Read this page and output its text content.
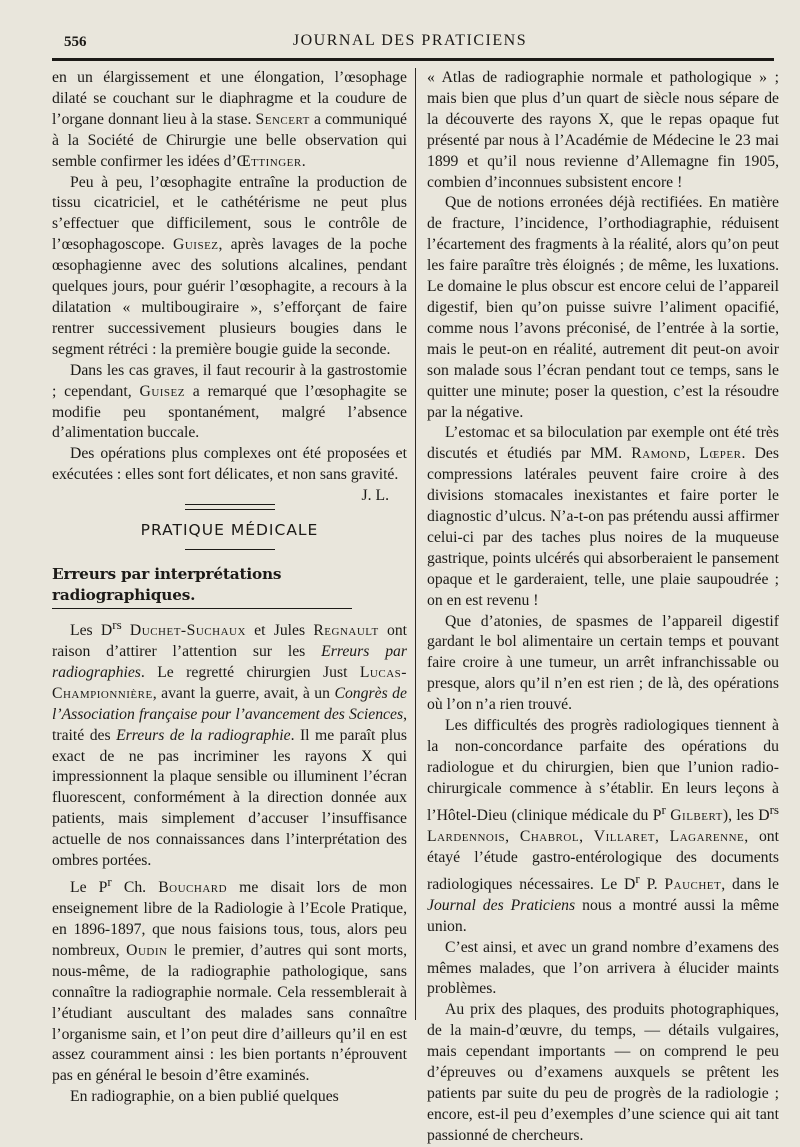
556	JOURNAL DES PRATICIENS

en un élargissement et une élongation, l’œsophage dilaté se couchant sur le diaphragme et la coudure de l’organe donnant lieu à la stase. Sencert a communiqué à la Société de Chirurgie une belle observation qui semble confirmer les idées d’Œttinger.

Peu à peu, l’œsophagite entraîne la production de tissu cicatriciel, et le cathétérisme ne peut plus s’effectuer que difficilement, sous le contrôle de l’œsophagoscope. Guisez, après lavages de la poche œsophagienne avec des solutions alcalines, pendant quelques jours, pour guérir l’œsophagite, a recours à la dilatation « multibougiraire », s’efforçant de faire rentrer successivement plusieurs bougies dans le segment rétréci : la première bougie guide la seconde.

Dans les cas graves, il faut recourir à la gastrostomie ; cependant, Guisez a remarqué que l’œsophagite se modifie peu spontanément, malgré l’absence d’alimentation buccale.

Des opérations plus complexes ont été proposées et exécutées : elles sont fort délicates, et non sans gravité.
J. L.

PRATIQUE MÉDICALE
Erreurs par interprétations radiographiques.

Les $D^{rs}$ Duchet-Suchaux et Jules Regnault ont raison d’attirer l’attention sur les Erreurs par radiographies. Le regretté chirurgien Just Lucas-Championnière, avant la guerre, avait, à un Congrès de l’Association française pour l’avancement des Sciences, traité des Erreurs de la radiographie. Il me paraît plus exact de ne pas incriminer les rayons X qui impressionnent la plaque sensible ou illuminent l’écran fluorescent, conformément à la direction donnée aux patients, mais simplement d’accuser l’insuffisance actuelle de nos connaissances dans l’interprétation des ombres portées.

Le $P^r$ Ch. Bouchard me disait lors de mon enseignement libre de la Radiologie à l’Ecole Pratique, en 1896-1897, que nous faisions tous, tous, alors peu nombreux, Oudin le premier, d’autres qui sont morts, nous-même, de la radiographie pathologique, sans connaître la radiographie normale. Cela ressemblerait à l’étudiant auscultant des malades sans connaître l’organisme sain, et l’on peut dire d’ailleurs qu’il en est assez couramment ainsi : les bien portants n’éprouvent pas en général le besoin d’être examinés.

En radiographie, on a bien publié quelques

« Atlas de radiographie normale et pathologique » ; mais bien que plus d’un quart de siècle nous sépare de la découverte des rayons X, que le repas opaque fut présenté par nous à l’Académie de Médecine le 23 mai 1899 et qu’il nous revienne d’Allemagne fin 1905, combien d’inconnues subsistent encore !

Que de notions erronées déjà rectifiées. En matière de fracture, l’incidence, l’orthodiagraphie, réduisent l’écartement des fragments à la réalité, alors qu’on peut les faire paraître très éloignés ; de même, les luxations. Le domaine le plus obscur est encore celui de l’appareil digestif, bien qu’on puisse suivre l’aliment opacifié, comme nous l’avons préconisé, de l’entrée à la sortie, mais le peut-on en réalité, autrement dit peut-on avoir son malade sous l’écran pendant tout ce temps, sans le quitter une minute; poser la question, c’est la résoudre par la négative.

L’estomac et sa biloculation par exemple ont été très discutés et étudiés par MM. Ramond, Lœper. Des compressions latérales peuvent faire croire à des divisions stomacales inexistantes et faire porter le diagnostic d’ulcus. N’a-t-on pas prétendu aussi affirmer celui-ci par des taches plus noires de la muqueuse gastrique, points ulcérés qui absorberaient le pansement opaque et le garderaient, telle, une plaie saupoudrée ; on en est revenu !

Que d’atonies, de spasmes de l’appareil digestif gardant le bol alimentaire un certain temps et pouvant faire croire à une tumeur, un arrêt infranchissable ou presque, alors qu’il n’en est rien ; de là, des opérations où l’on n’a rien trouvé.

Les difficultés des progrès radiologiques tiennent à la non-concordance parfaite des opérations du radiologue et du chirurgien, bien que l’union radio-chirurgicale commence à s’établir. En leurs leçons à l’Hôtel-Dieu (clinique médicale du $P^r$ Gilbert), les $D^{rs}$ Lardennois, Chabrol, Villaret, Lagarenne, ont étayé l’étude gastro-entérologique des documents radiologiques nécessaires. Le $D^r$ P. Pauchet, dans le Journal des Praticiens nous a montré aussi la même union.

C’est ainsi, et avec un grand nombre d’examens des mêmes malades, que l’on arrivera à élucider maints problèmes.

Au prix des plaques, des produits photographiques, de la main-d’œuvre, du temps, — détails vulgaires, mais cependant importants — on comprend le peu d’épreuves ou d’examens auxquels se prêtent les patients par suite du peu de progrès de la radiologie ; encore, est-il peu d’exemples d’une science qui ait tant passionné de chercheurs.
